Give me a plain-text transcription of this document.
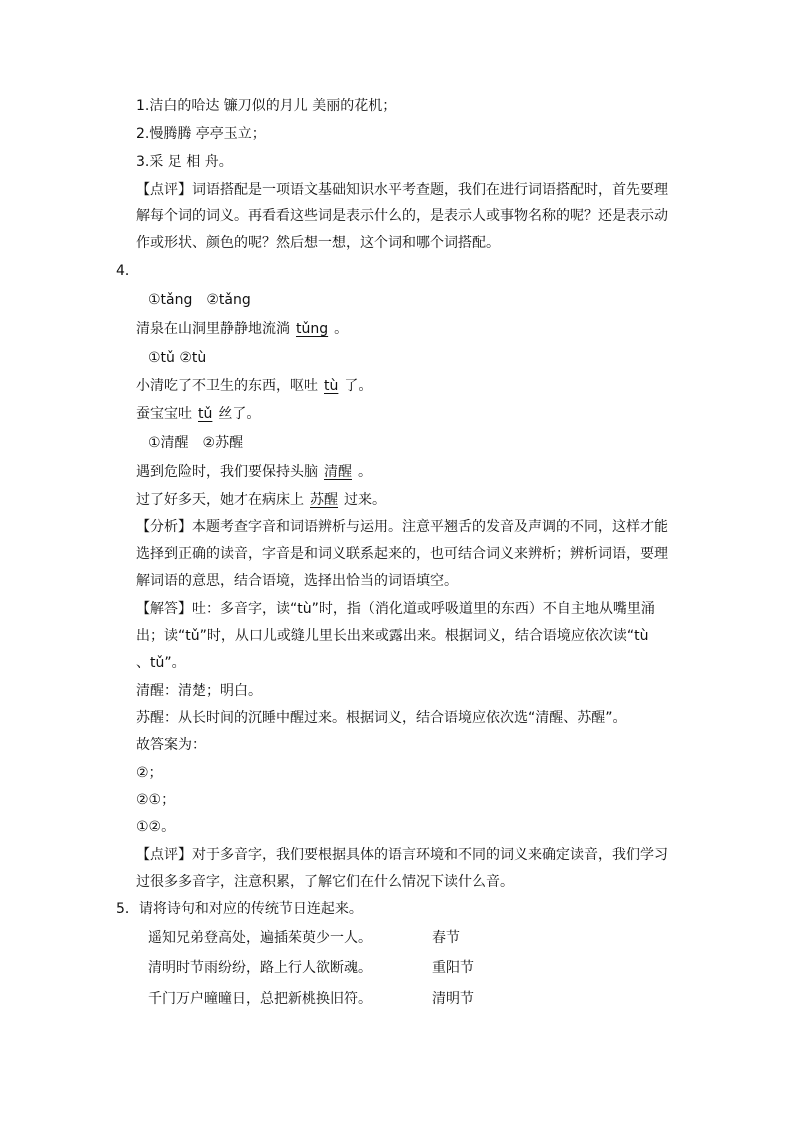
1.洁白的哈达 镰刀似的月儿 美丽的花机；
2.慢腾腾 亭亭玉立；
3.采 足 相 舟。
【点评】词语搭配是一项语文基础知识水平考查题，我们在进行词语搭配时，首先要理
解每个词的词义。再看看这些词是表示什么的，是表示人或事物名称的呢？还是表示动
作或形状、颜色的呢？然后想一想，这个词和哪个词搭配。
4．
①tǎng　②tǎng
清泉在山洞里静静地流淌 tǔng 。
①tǔ ②tù
小清吃了不卫生的东西，呕吐 tù 了。
蚕宝宝吐 tǔ 丝了。
①清醒　②苏醒
遇到危险时，我们要保持头脑 清醒 。
过了好多天，她才在病床上 苏醒 过来。
【分析】本题考查字音和词语辨析与运用。注意平翘舌的发音及声调的不同，这样才能
选择到正确的读音，字音是和词义联系起来的，也可结合词义来辨析；辨析词语，要理
解词语的意思，结合语境，选择出恰当的词语填空。
【解答】吐：多音字，读“tù”时，指（消化道或呼吸道里的东西）不自主地从嘴里涌
出；读“tǔ”时，从口儿或缝儿里长出来或露出来。根据词义，结合语境应依次读“tù
、tǔ”。
清醒：清楚；明白。
苏醒：从长时间的沉睡中醒过来。根据词义，结合语境应依次选“清醒、苏醒”。
故答案为：
②；
②①；
①②。
【点评】对于多音字，我们要根据具体的语言环境和不同的词义来确定读音，我们学习
过很多多音字，注意积累，了解它们在什么情况下读什么音。
5．请将诗句和对应的传统节日连起来。
遥知兄弟登高处，遍插茱萸少一人。	春节
清明时节雨纷纷，路上行人欲断魂。	重阳节
千门万户曈曈日，总把新桃换旧符。	清明节
